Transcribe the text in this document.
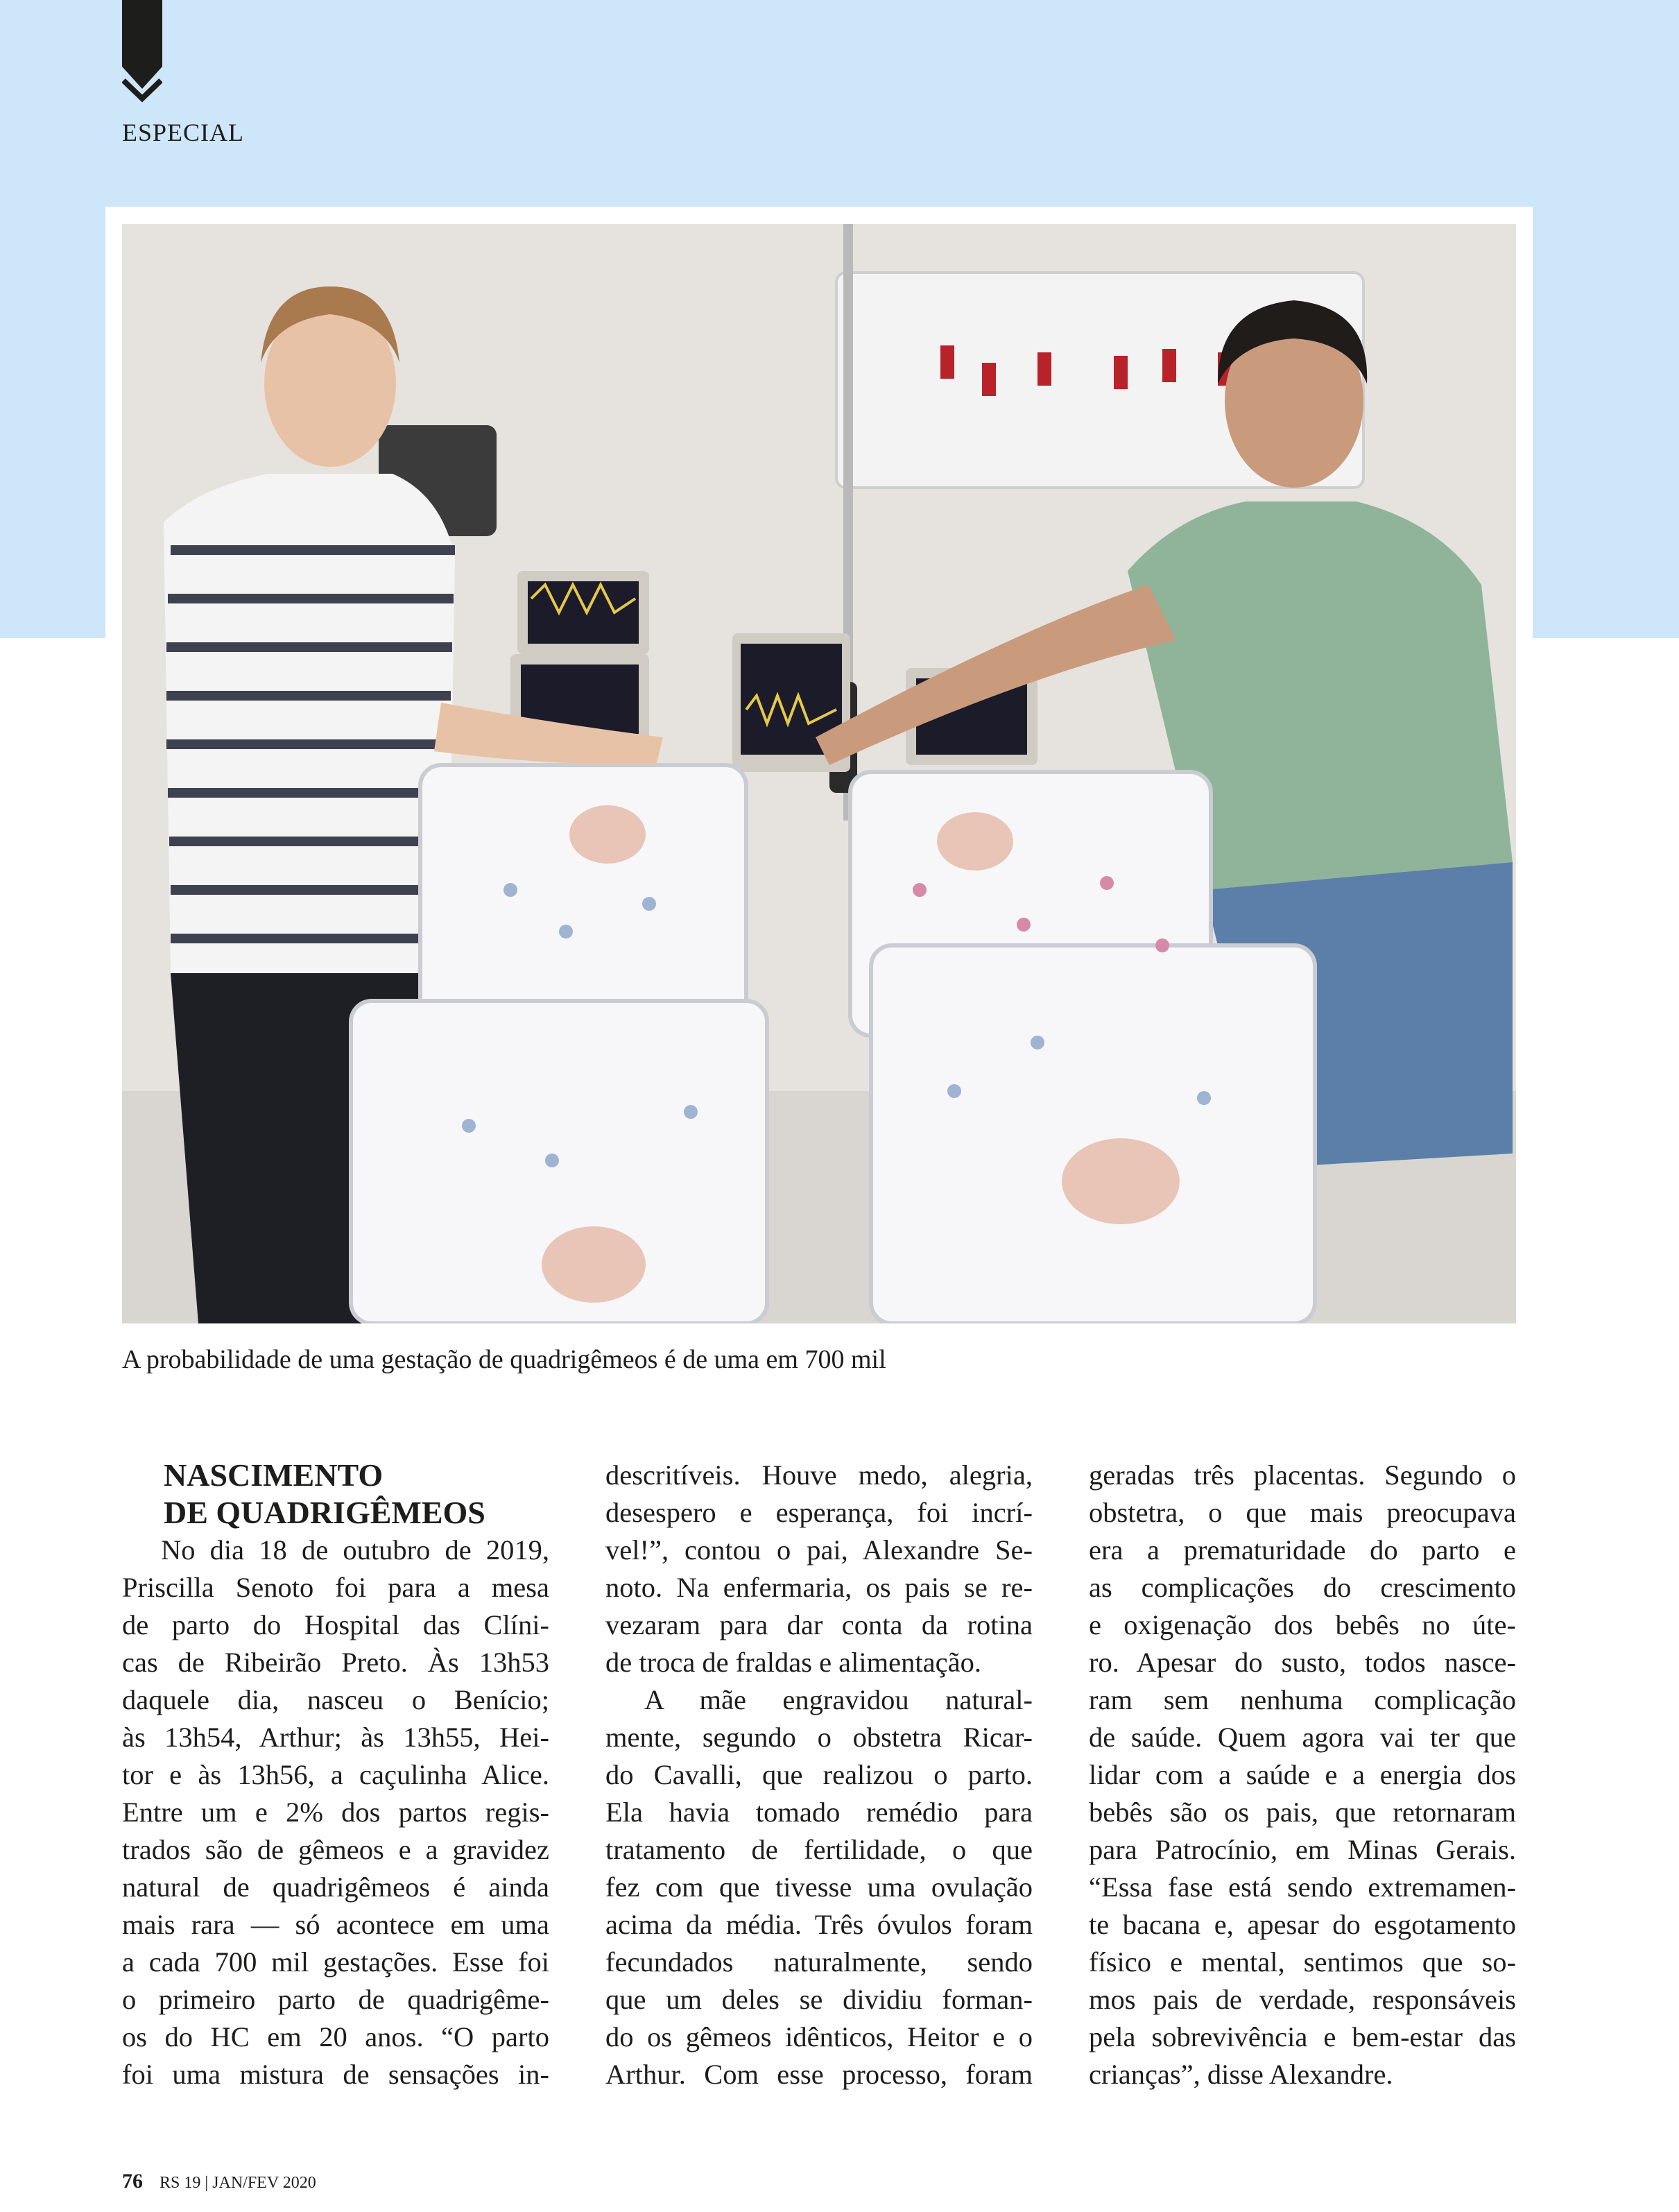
ESPECIAL
A probabilidade de uma gestação de quadrigêmeos é de uma em 700 mil
NASCIMENTO
DE QUADRIGÊMEOS
No dia 18 de outubro de 2019,
Priscilla Senoto foi para a mesa
de parto do Hospital das Clíni-
cas de Ribeirão Preto. Às 13h53
daquele dia, nasceu o Benício;
às 13h54, Arthur; às 13h55, Hei-
tor e às 13h56, a caçulinha Alice.
Entre um e 2% dos partos regis-
trados são de gêmeos e a gravidez
natural de quadrigêmeos é ainda
mais rara — só acontece em uma
a cada 700 mil gestações. Esse foi
o primeiro parto de quadrigême-
os do HC em 20 anos. “O parto
foi uma mistura de sensações in-
descritíveis. Houve medo, alegria,
desespero e esperança, foi incrí-
vel!”, contou o pai, Alexandre Se-
noto. Na enfermaria, os pais se re-
vezaram para dar conta da rotina
de troca de fraldas e alimentação.
A mãe engravidou natural-
mente, segundo o obstetra Ricar-
do Cavalli, que realizou o parto.
Ela havia tomado remédio para
tratamento de fertilidade, o que
fez com que tivesse uma ovulação
acima da média. Três óvulos foram
fecundados naturalmente, sendo
que um deles se dividiu forman-
do os gêmeos idênticos, Heitor e o
Arthur. Com esse processo, foram
geradas três placentas. Segundo o
obstetra, o que mais preocupava
era a prematuridade do parto e
as complicações do crescimento
e oxigenação dos bebês no úte-
ro. Apesar do susto, todos nasce-
ram sem nenhuma complicação
de saúde. Quem agora vai ter que
lidar com a saúde e a energia dos
bebês são os pais, que retornaram
para Patrocínio, em Minas Gerais.
“Essa fase está sendo extremamen-
te bacana e, apesar do esgotamento
físico e mental, sentimos que so-
mos pais de verdade, responsáveis
pela sobrevivência e bem-estar das
crianças”, disse Alexandre.
76 RS 19 | JAN/FEV 2020
